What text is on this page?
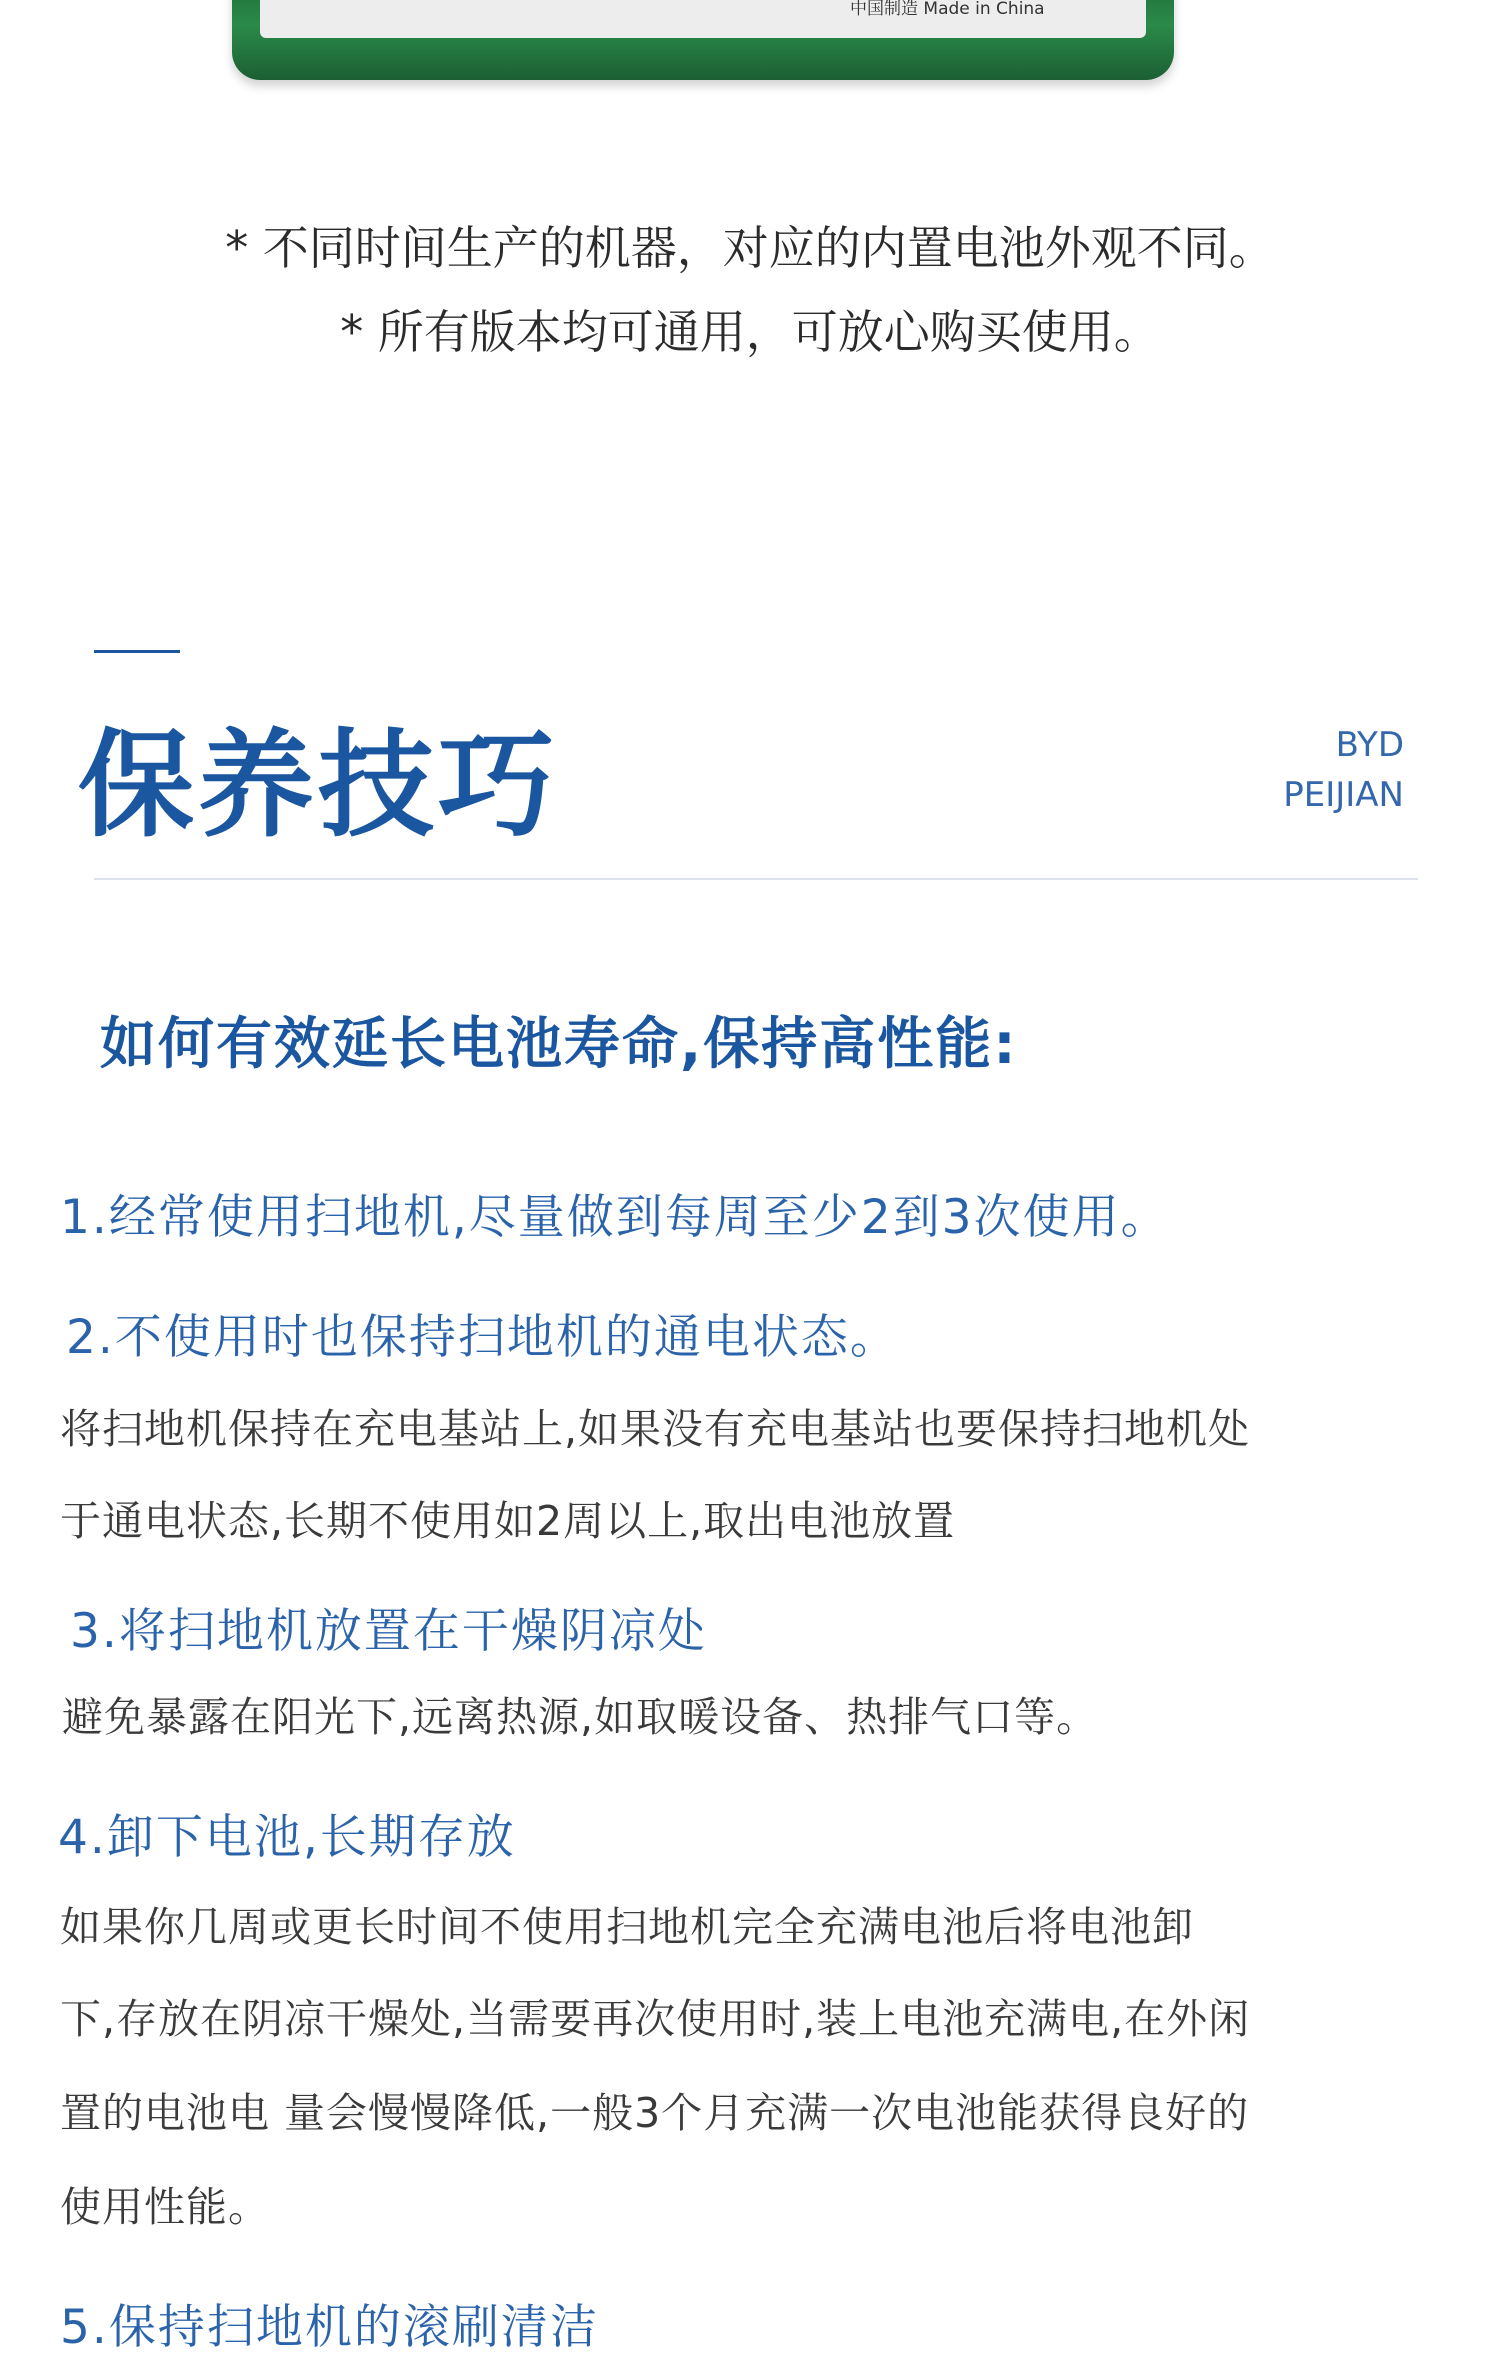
中国制造 Made in China
* 不同时间生产的机器，对应的内置电池外观不同。
* 所有版本均可通用，可放心购买使用。
保养技巧	BYD
PEIJIAN
如何有效延长电池寿命,保持高性能:
1.经常使用扫地机,尽量做到每周至少2到3次使用。
2.不使用时也保持扫地机的通电状态。
将扫地机保持在充电基站上,如果没有充电基站也要保持扫地机处
于通电状态,长期不使用如2周以上,取出电池放置
3.将扫地机放置在干燥阴凉处
避免暴露在阳光下,远离热源,如取暖设备、热排气口等。
4.卸下电池,长期存放
如果你几周或更长时间不使用扫地机完全充满电池后将电池卸
下,存放在阴凉干燥处,当需要再次使用时,装上电池充满电,在外闲
置的电池电 量会慢慢降低,一般3个月充满一次电池能获得良好的
使用性能。
5.保持扫地机的滚刷清洁
